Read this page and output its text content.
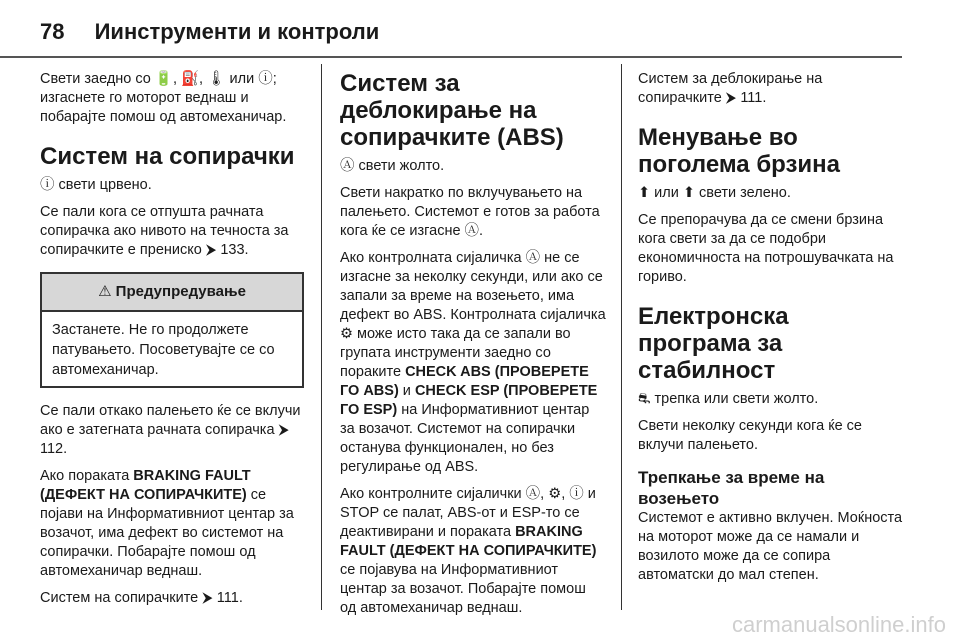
78 Иинструменти и контроли

Свети заедно со 🔋, ⛽, 🌡 или ⓘ; изгаснете го моторот веднаш и побарајте помош од автомеханичар.

Систем на сопирачки

ⓘ свети црвено.

Се пали кога се отпушта рачната сопирачка ако нивото на течноста за сопирачките е прениско ⮞ 133.

⚠ Предупредување
Застанете. Не го продолжете патувањето. Посоветувајте се со автомеханичар.

Се пали откако палењето ќе се вклучи ако е затегната рачната сопирачка ⮞ 112.

Ако пораката BRAKING FAULT (ДЕФЕКТ НА СОПИРАЧКИТЕ) се појави на Информативниот центар за возачот, има дефект во системот на сопирачки. Побарајте помош од автомеханичар веднаш.

Систем на сопирачките ⮞ 111.

Систем за деблокирање на сопирачките (ABS)

Ⓐ свети жолто.

Свети накратко по вклучувањето на палењето. Системот е готов за работа кога ќе се изгасне Ⓐ.

Ако контролната сијаличка Ⓐ не се изгасне за неколку секунди, или ако се запали за време на возењето, има дефект во ABS. Контролната сијаличка ⚙ може исто така да се запали во групата инструменти заедно со пораките CHECK ABS (ПРОВЕРЕТЕ ГО ABS) и CHECK ESP (ПРОВЕРЕТЕ ГО ESP) на Информативниот центар за возачот. Системот на сопирачки останува функционален, но без регулирање од ABS.

Ако контролните сијалички Ⓐ, ⚙, ⓘ и STOP се палат, ABS-от и ESP-то се деактивирани и пораката BRAKING FAULT (ДЕФЕКТ НА СОПИРАЧКИТЕ) се појавува на Информативниот центар за возачот. Побарајте помош од автомеханичар веднаш.

Систем за деблокирање на сопирачките ⮞ 111.

Менување во поголема брзина

⬆ или ⬆ свети зелено.

Се препорачува да се смени брзина кога свети за да се подобри економичноста на потрошувачката на гориво.

Електронска програма за стабилност

⛐ трепка или свети жолто.

Свети неколку секунди кога ќе се вклучи палењето.

Трепкање за време на возењето

Системот е активно вклучен. Моќноста на моторот може да се намали и возилото може да се сопира автоматски до мал степен.

carmanualsonline.info
